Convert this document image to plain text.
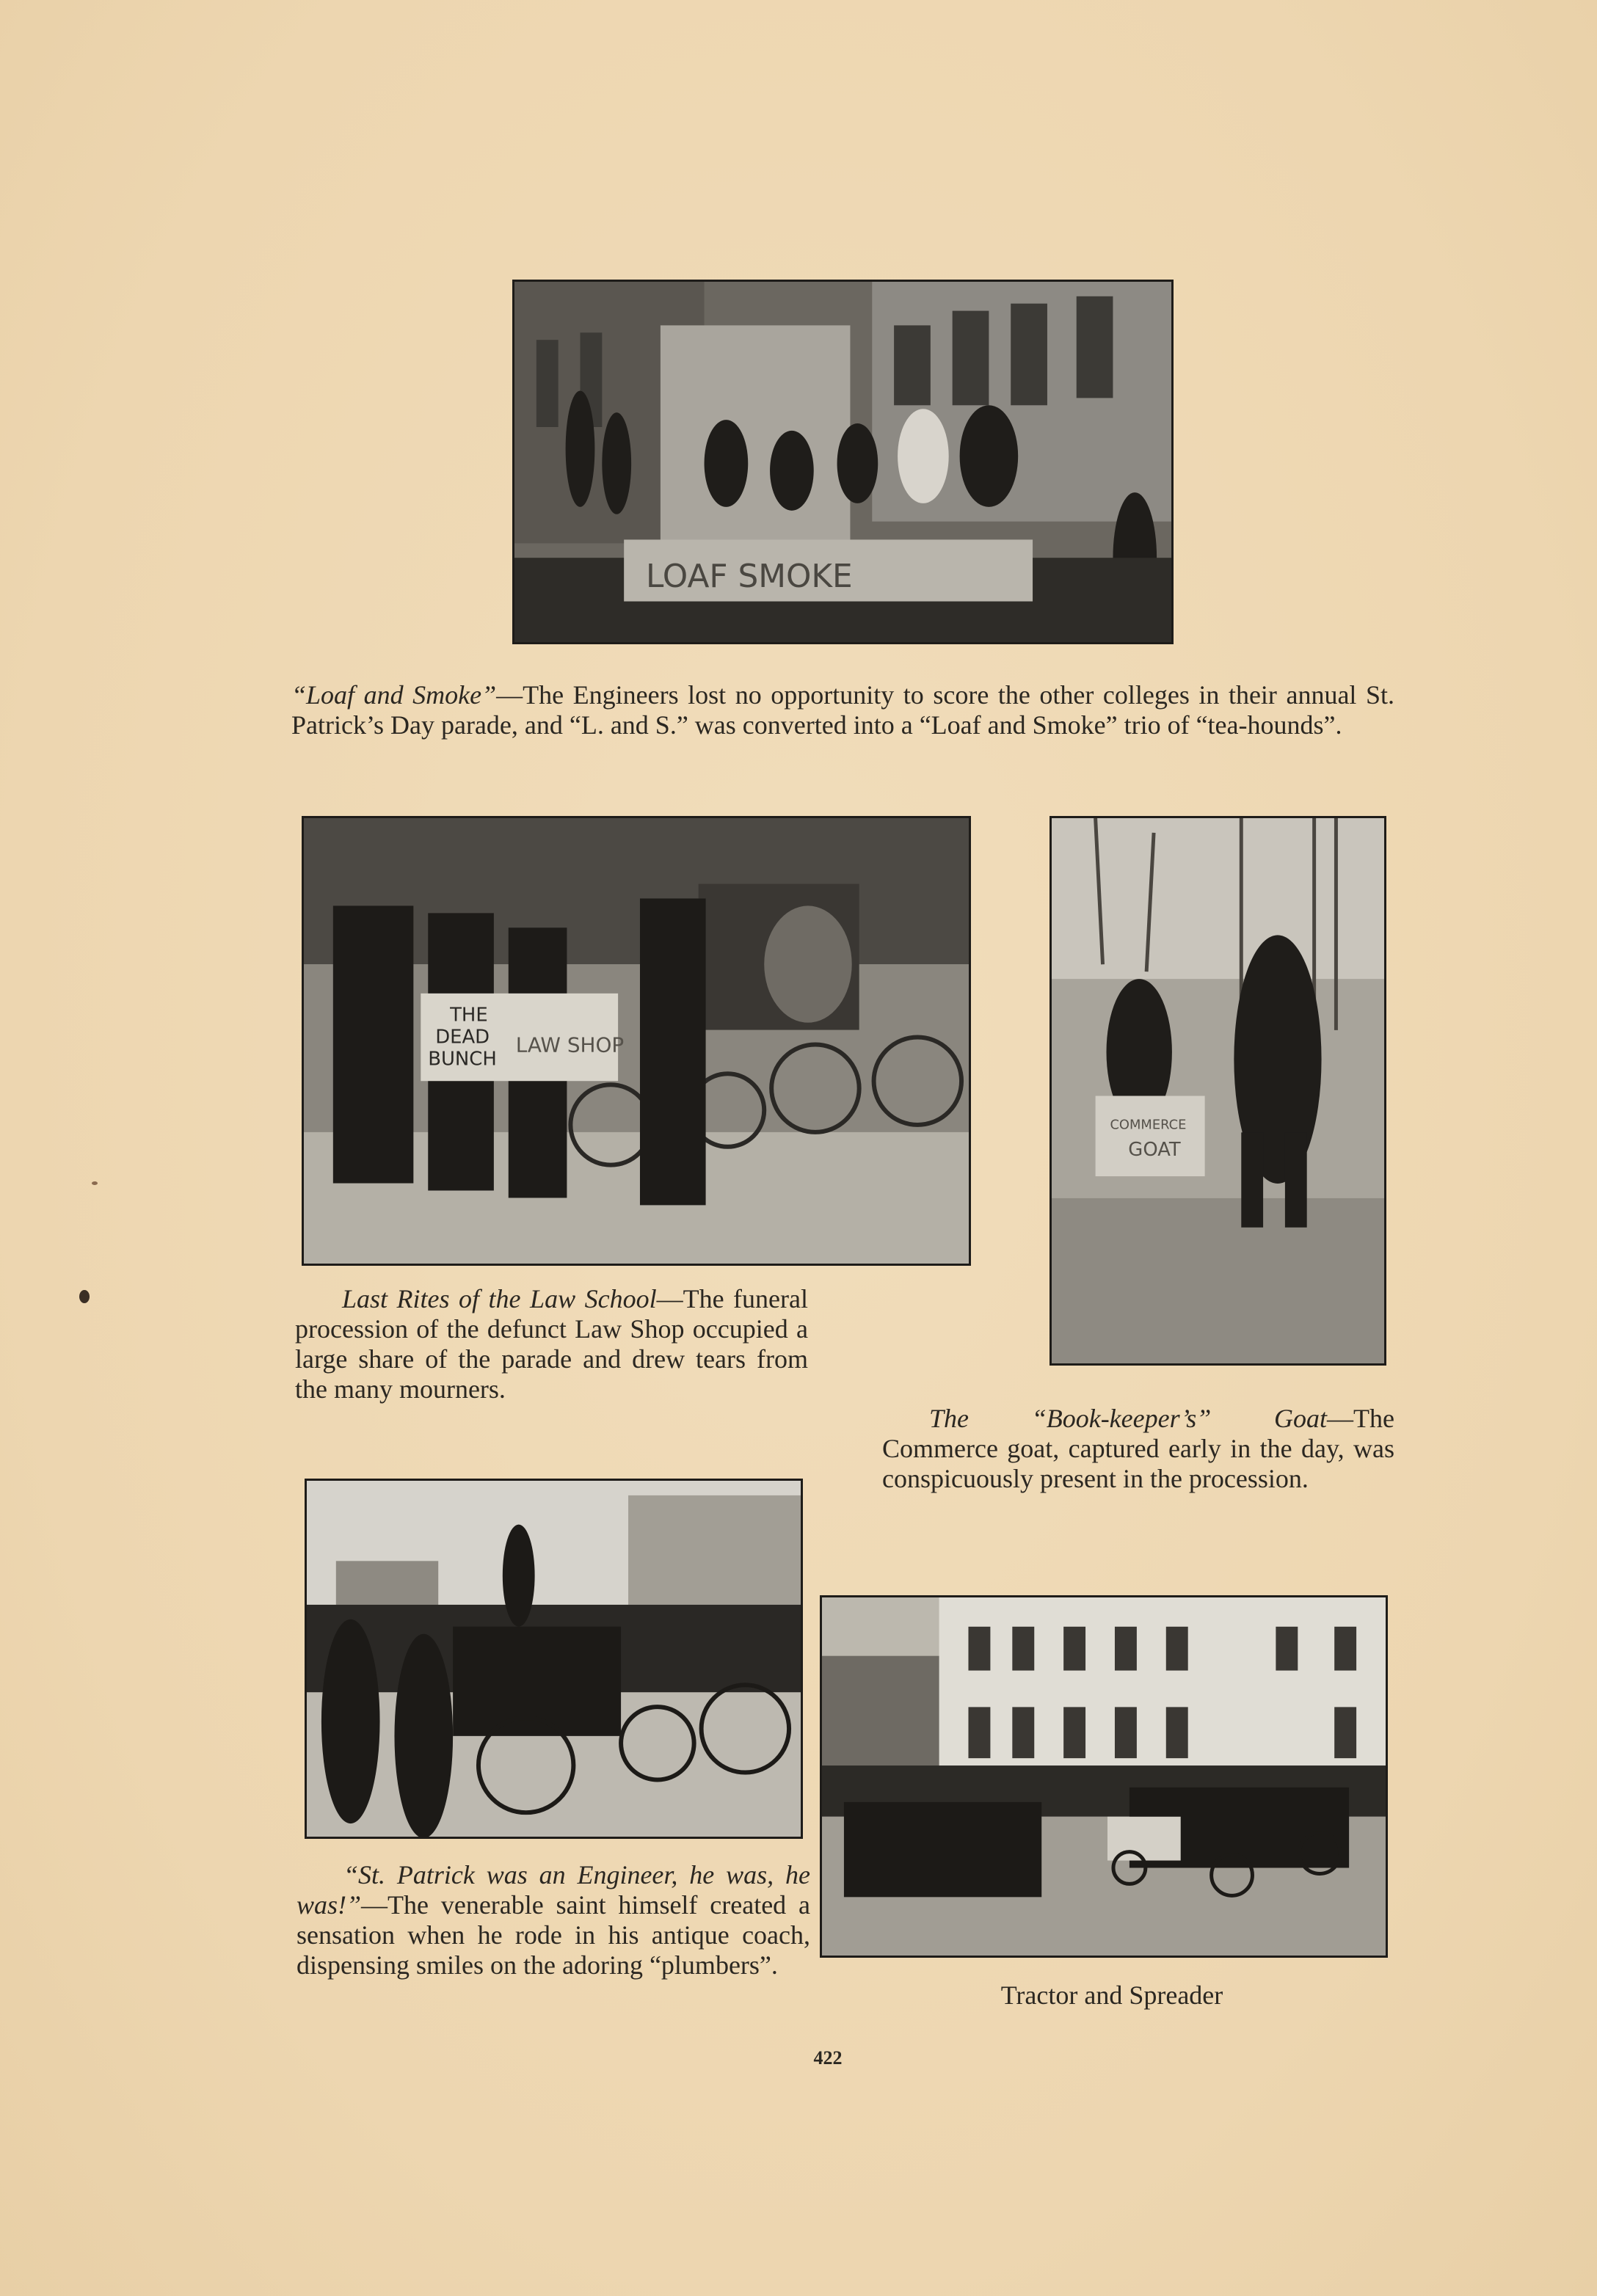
LOAF SMOKE
“Loaf and Smoke”—The Engineers lost no opportunity to score the other colleges in their annual St. Patrick’s Day parade, and “L. and S.” was converted into a “Loaf and Smoke” trio of “tea-hounds”.
THE
DEAD
BUNCH
LAW SHOP
COMMERCE
GOAT
Last Rites of the Law School—The funeral procession of the defunct Law Shop occupied a large share of the parade and drew tears from the many mourners.
The “Book-keeper’s” Goat—The Commerce goat, captured early in the day, was conspicuously present in the procession.
“St. Patrick was an Engineer, he was, he was!”—The venerable saint himself created a sensation when he rode in his antique coach, dispensing smiles on the adoring “plumbers”.
Tractor and Spreader
422
